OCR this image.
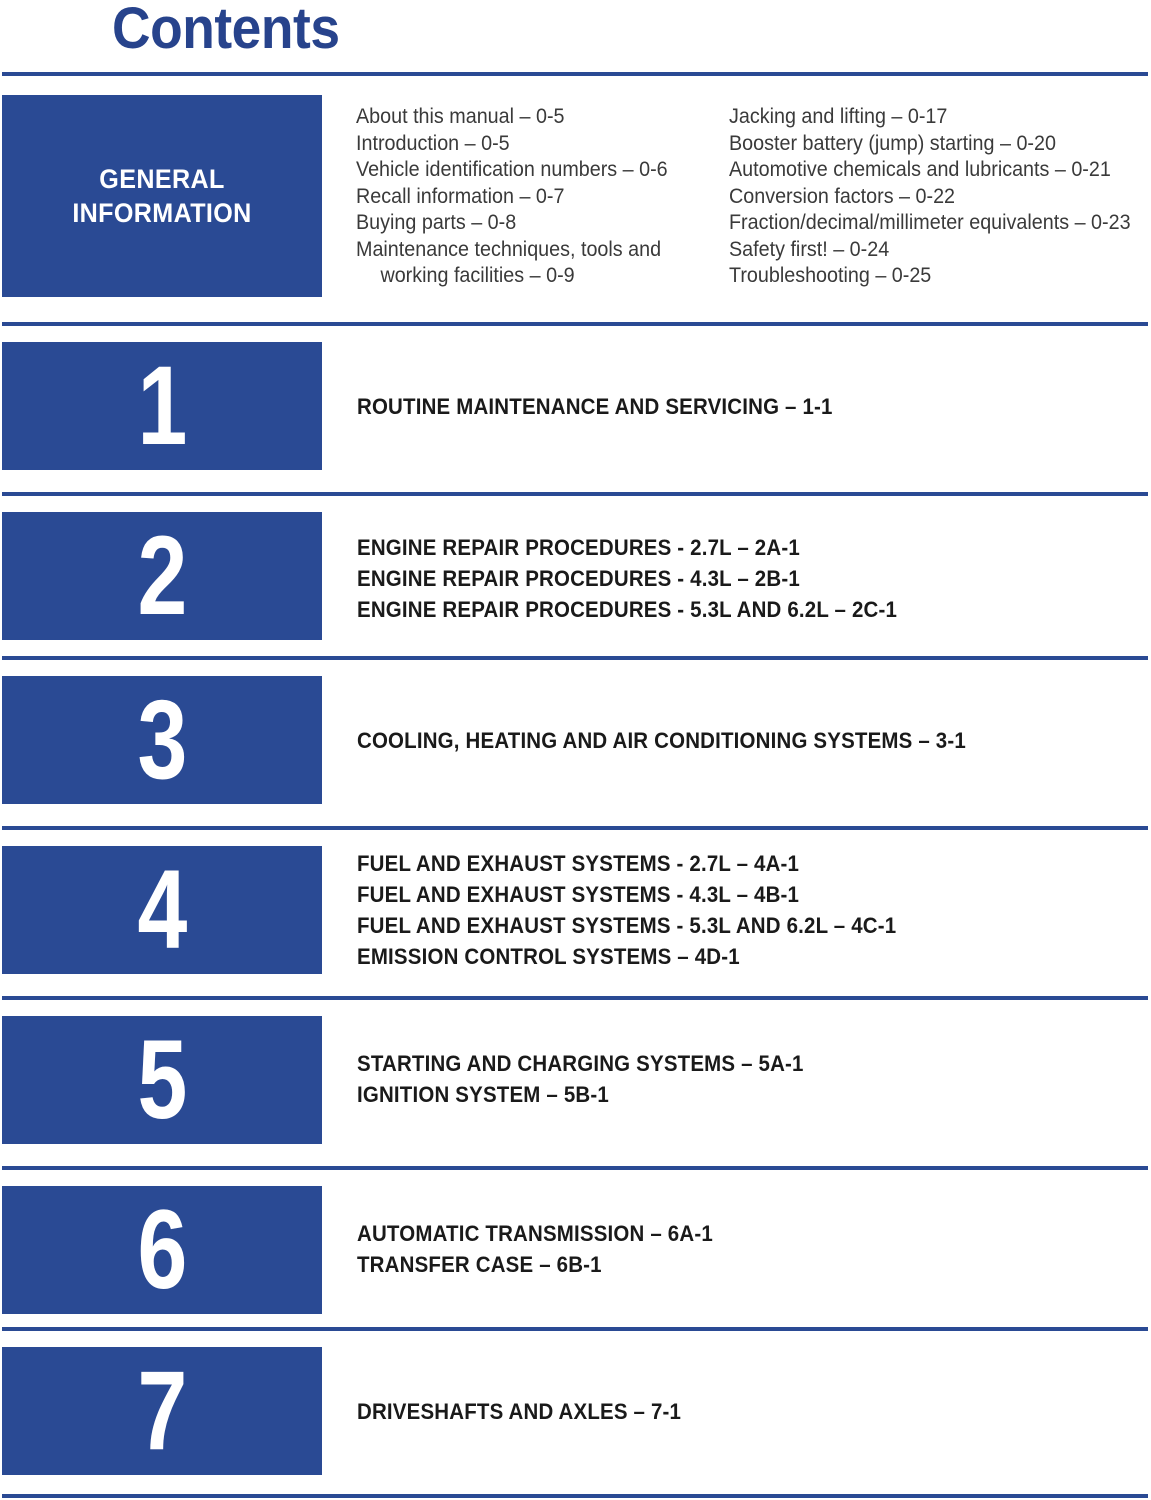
Contents
GENERAL
INFORMATION
About this manual – 0-5
Introduction – 0-5
Vehicle identification numbers – 0-6
Recall information – 0-7
Buying parts – 0-8
Maintenance techniques, tools and
working facilities – 0-9
Jacking and lifting – 0-17
Booster battery (jump) starting – 0-20
Automotive chemicals and lubricants – 0-21
Conversion factors – 0-22
Fraction/decimal/millimeter equivalents – 0-23
Safety first! – 0-24
Troubleshooting – 0-25
1	ROUTINE MAINTENANCE AND SERVICING – 1-1
2	ENGINE REPAIR PROCEDURES - 2.7L – 2A-1
ENGINE REPAIR PROCEDURES - 4.3L – 2B-1
ENGINE REPAIR PROCEDURES - 5.3L AND 6.2L – 2C-1
3	COOLING, HEATING AND AIR CONDITIONING SYSTEMS – 3-1
4	FUEL AND EXHAUST SYSTEMS - 2.7L – 4A-1
FUEL AND EXHAUST SYSTEMS - 4.3L – 4B-1
FUEL AND EXHAUST SYSTEMS - 5.3L AND 6.2L – 4C-1
EMISSION CONTROL SYSTEMS – 4D-1
5	STARTING AND CHARGING SYSTEMS – 5A-1
IGNITION SYSTEM – 5B-1
6	AUTOMATIC TRANSMISSION – 6A-1
TRANSFER CASE – 6B-1
7	DRIVESHAFTS AND AXLES – 7-1
